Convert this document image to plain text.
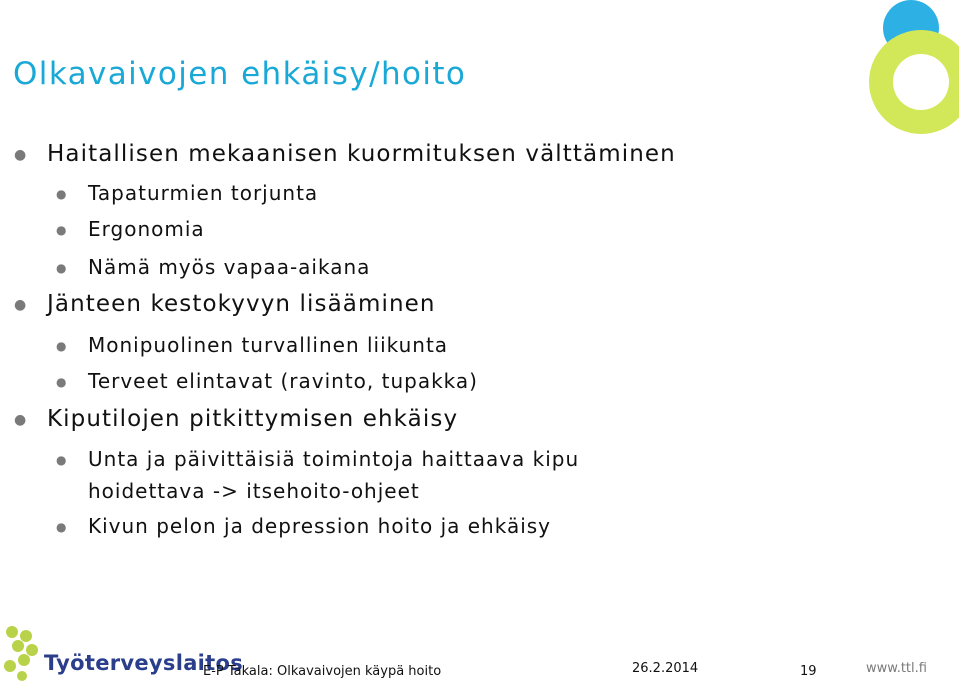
Olkavaivojen ehkäisy/hoito
● Haitallisen mekaanisen kuormituksen välttäminen
● Tapaturmien torjunta
● Ergonomia
● Nämä myös vapaa-aikana
● Jänteen kestokyvyn lisääminen
● Monipuolinen turvallinen liikunta
● Terveet elintavat (ravinto, tupakka)
● Kiputilojen pitkittymisen ehkäisy
● Unta ja päivittäisiä toimintoja haittaava kipu
hoidettava -> itsehoito-ohjeet
● Kivun pelon ja depression hoito ja ehkäisy
Työterveyslaitos
E-P Takala: Olkavaivojen käypä hoito	26.2.2014	19	www.ttl.fi
